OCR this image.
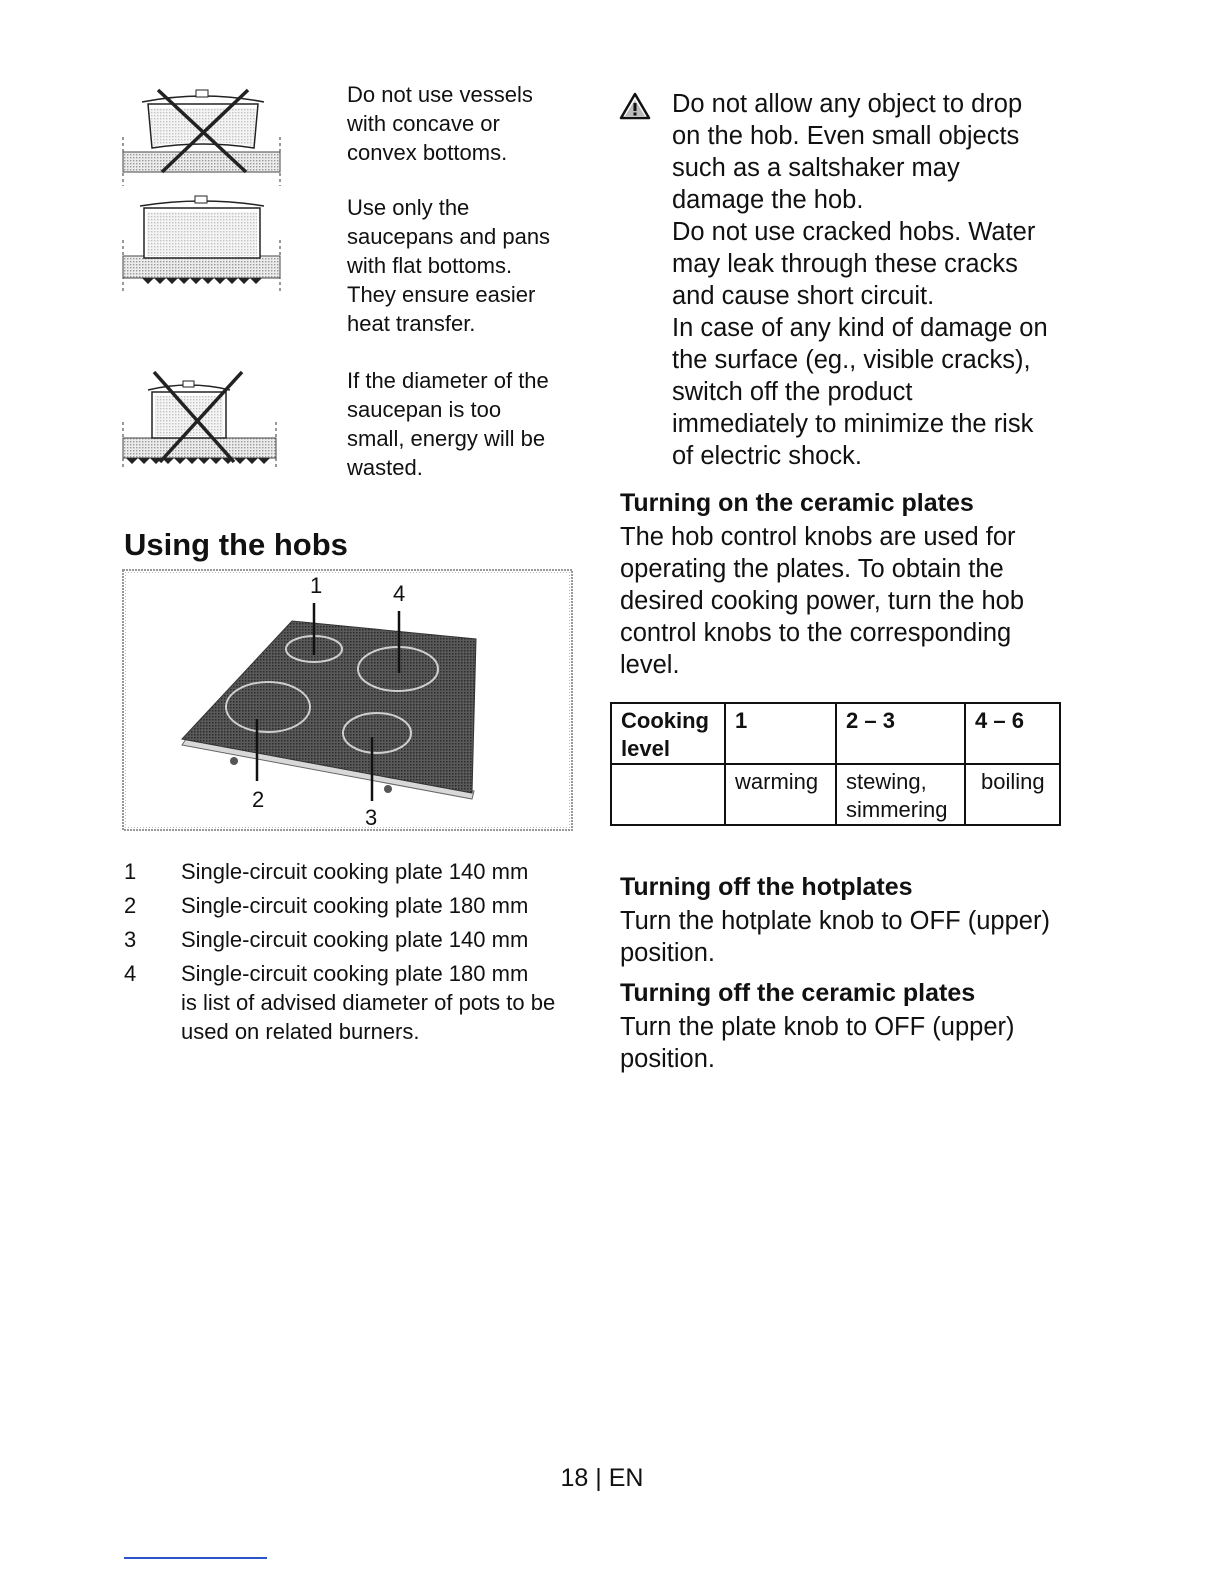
Do not use vessels with concave or convex bottoms.
Use only the saucepans and pans with flat bottoms. They ensure easier heat transfer.
If the diameter of the saucepan is too small, energy will be wasted.
Using the hobs
1
2
3
4
1	Single-circuit cooking plate 140 mm
2	Single-circuit cooking plate 180 mm
3	Single-circuit cooking plate 140 mm
4	Single-circuit cooking plate 180 mm
is list of advised diameter of pots to be used on related burners.
Do not allow any object to drop
on the hob. Even small objects
such as a saltshaker may
damage the hob.
Do not use cracked hobs. Water
may leak through these cracks
and cause short circuit.
In case of any kind of damage on
the surface (eg., visible cracks),
switch off the product
immediately to minimize the risk
of electric shock.
Turning on the ceramic plates
The hob control knobs are used for
operating the plates. To obtain the
desired cooking power, turn the hob
control knobs to the corresponding
level.
Cooking level	1	2 – 3	4 – 6
	warming	stewing, simmering	boiling
Turning off the hotplates
Turn the hotplate knob to OFF (upper)
position.
Turning off the ceramic plates
Turn the plate knob to OFF (upper)
position.
18 | EN
